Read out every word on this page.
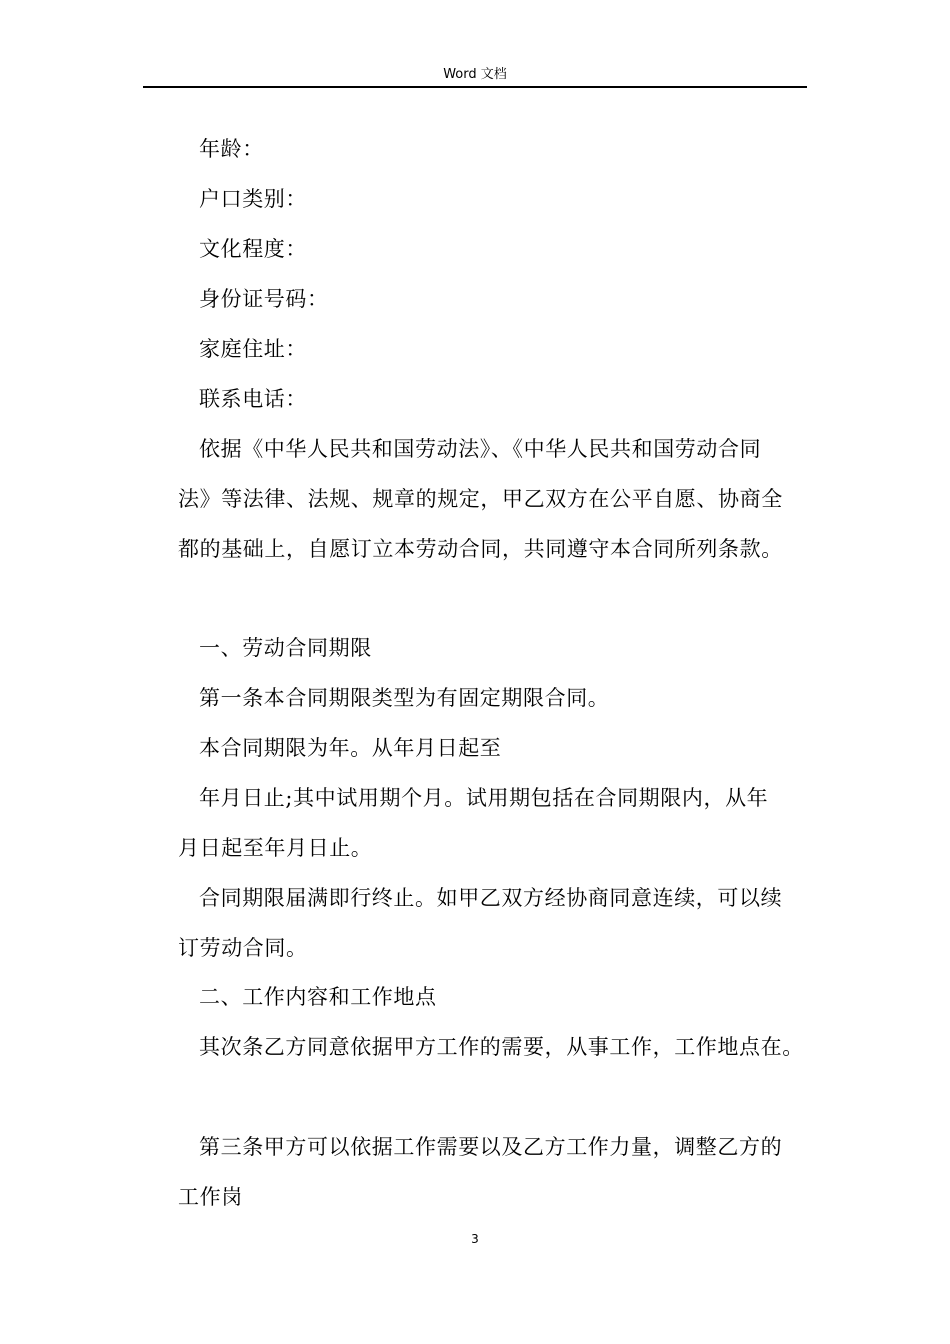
Word 文档
年龄：
户口类别：
文化程度：
身份证号码：
家庭住址：
联系电话：
依据《中华人民共和国劳动法》、《中华人民共和国劳动合同
法》等法律、法规、规章的规定，甲乙双方在公平自愿、协商全
都的基础上，自愿订立本劳动合同，共同遵守本合同所列条款。
一、劳动合同期限
第一条本合同期限类型为有固定期限合同。
本合同期限为年。从年月日起至
年月日止;其中试用期个月。试用期包括在合同期限内，从年
月日起至年月日止。
合同期限届满即行终止。如甲乙双方经协商同意连续，可以续
订劳动合同。
二、工作内容和工作地点
其次条乙方同意依据甲方工作的需要，从事工作，工作地点在。
第三条甲方可以依据工作需要以及乙方工作力量，调整乙方的
工作岗
3
